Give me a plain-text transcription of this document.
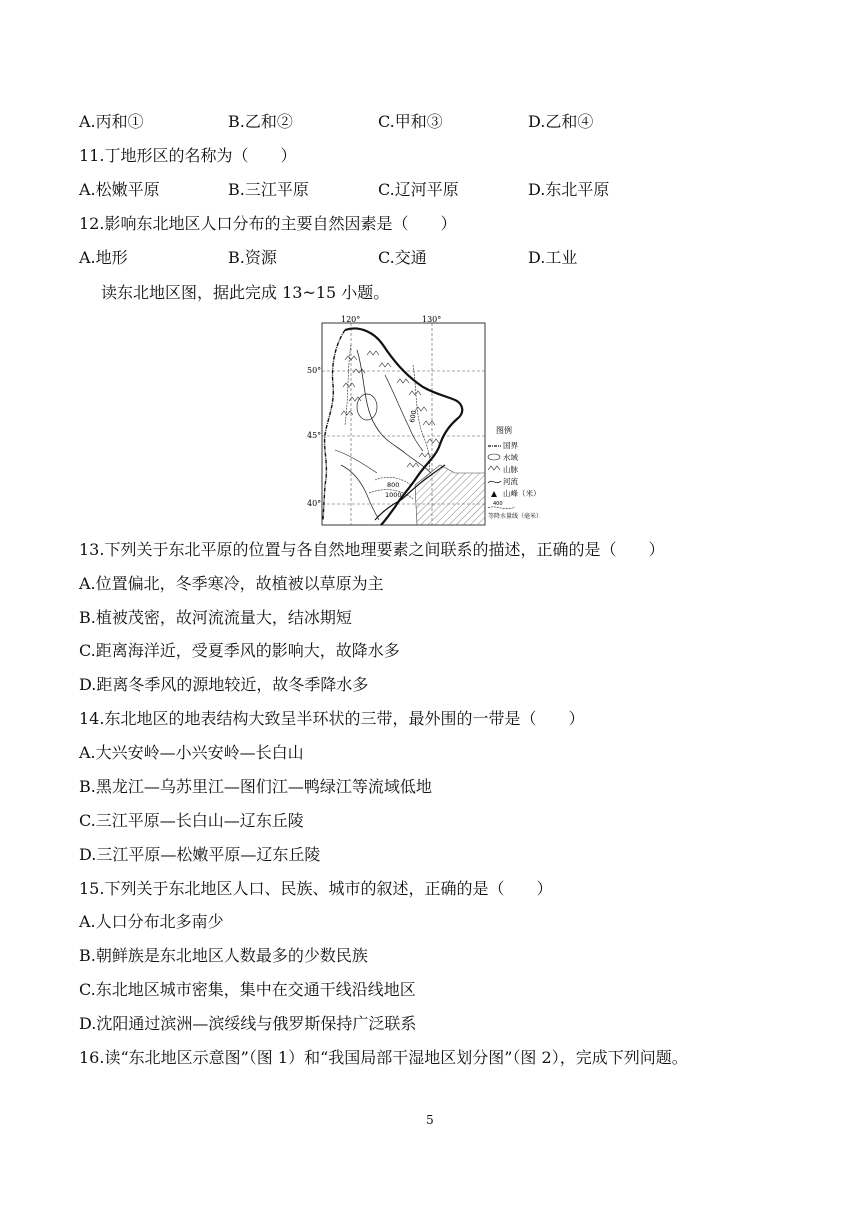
A.丙和①	B.乙和②	C.甲和③	D.乙和④
11.丁地形区的名称为（　　）
A.松嫩平原	B.三江平原	C.辽河平原	D.东北平原
12.影响东北地区人口分布的主要自然因素是（　　）
A.地形	B.资源	C.交通	D.工业
读东北地区图，据此完成 13~15 小题。
120°	130°
50°
45°
40°
600
800
1000
图例
国界
水域
山脉
河流
山峰（米）
400
等降水量线（毫米）
13.下列关于东北平原的位置与各自然地理要素之间联系的描述，正确的是（　　）
A.位置偏北，冬季寒冷，故植被以草原为主
B.植被茂密，故河流流量大，结冰期短
C.距离海洋近，受夏季风的影响大，故降水多
D.距离冬季风的源地较近，故冬季降水多
14.东北地区的地表结构大致呈半环状的三带，最外围的一带是（　　）
A.大兴安岭—小兴安岭—长白山
B.黑龙江—乌苏里江—图们江—鸭绿江等流域低地
C.三江平原—长白山—辽东丘陵
D.三江平原—松嫩平原—辽东丘陵
15.下列关于东北地区人口、民族、城市的叙述，正确的是（　　）
A.人口分布北多南少
B.朝鲜族是东北地区人数最多的少数民族
C.东北地区城市密集，集中在交通干线沿线地区
D.沈阳通过滨洲—滨绥线与俄罗斯保持广泛联系
16.读“东北地区示意图”（图 1）和“我国局部干湿地区划分图”（图 2），完成下列问题。
5
